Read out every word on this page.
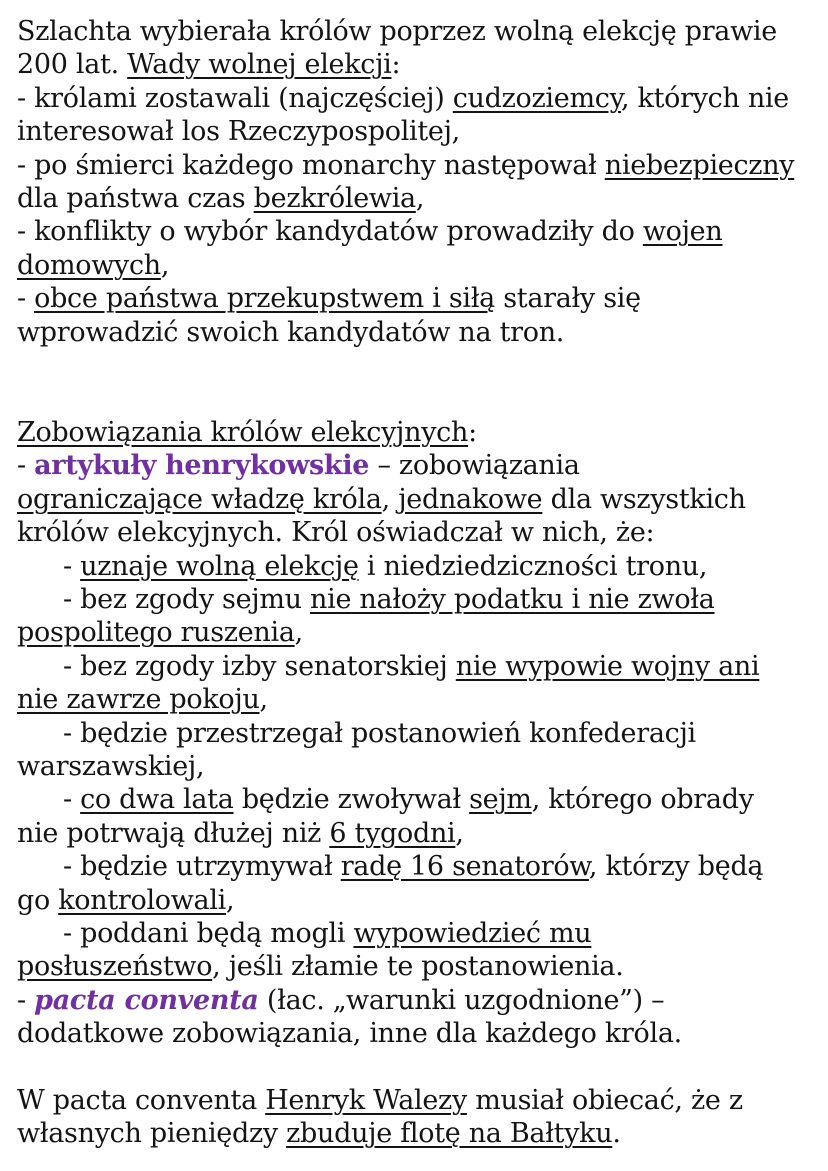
Szlachta wybierała królów poprzez wolną elekcję prawie
200 lat. Wady wolnej elekcji:
- królami zostawali (najczęściej) cudzoziemcy, których nie
interesował los Rzeczypospolitej,
- po śmierci każdego monarchy następował niebezpieczny
dla państwa czas bezkrólewia,
- konflikty o wybór kandydatów prowadziły do wojen
domowych,
- obce państwa przekupstwem i siłą starały się
wprowadzić swoich kandydatów na tron.

Zobowiązania królów elekcyjnych:
- artykuły henrykowskie – zobowiązania
ograniczające władzę króla, jednakowe dla wszystkich
królów elekcyjnych. Król oświadczał w nich, że:
- uznaje wolną elekcję i niedziedziczności tronu,
- bez zgody sejmu nie nałoży podatku i nie zwoła
pospolitego ruszenia,
- bez zgody izby senatorskiej nie wypowie wojny ani
nie zawrze pokoju,
- będzie przestrzegał postanowień konfederacji
warszawskiej,
- co dwa lata będzie zwoływał sejm, którego obrady
nie potrwają dłużej niż 6 tygodni,
- będzie utrzymywał radę 16 senatorów, którzy będą
go kontrolowali,
- poddani będą mogli wypowiedzieć mu
posłuszeństwo, jeśli złamie te postanowienia.
- pacta conventa (łac. „warunki uzgodnione”) –
dodatkowe zobowiązania, inne dla każdego króla.

W pacta conventa Henryk Walezy musiał obiecać, że z
własnych pieniędzy zbuduje flotę na Bałtyku.
